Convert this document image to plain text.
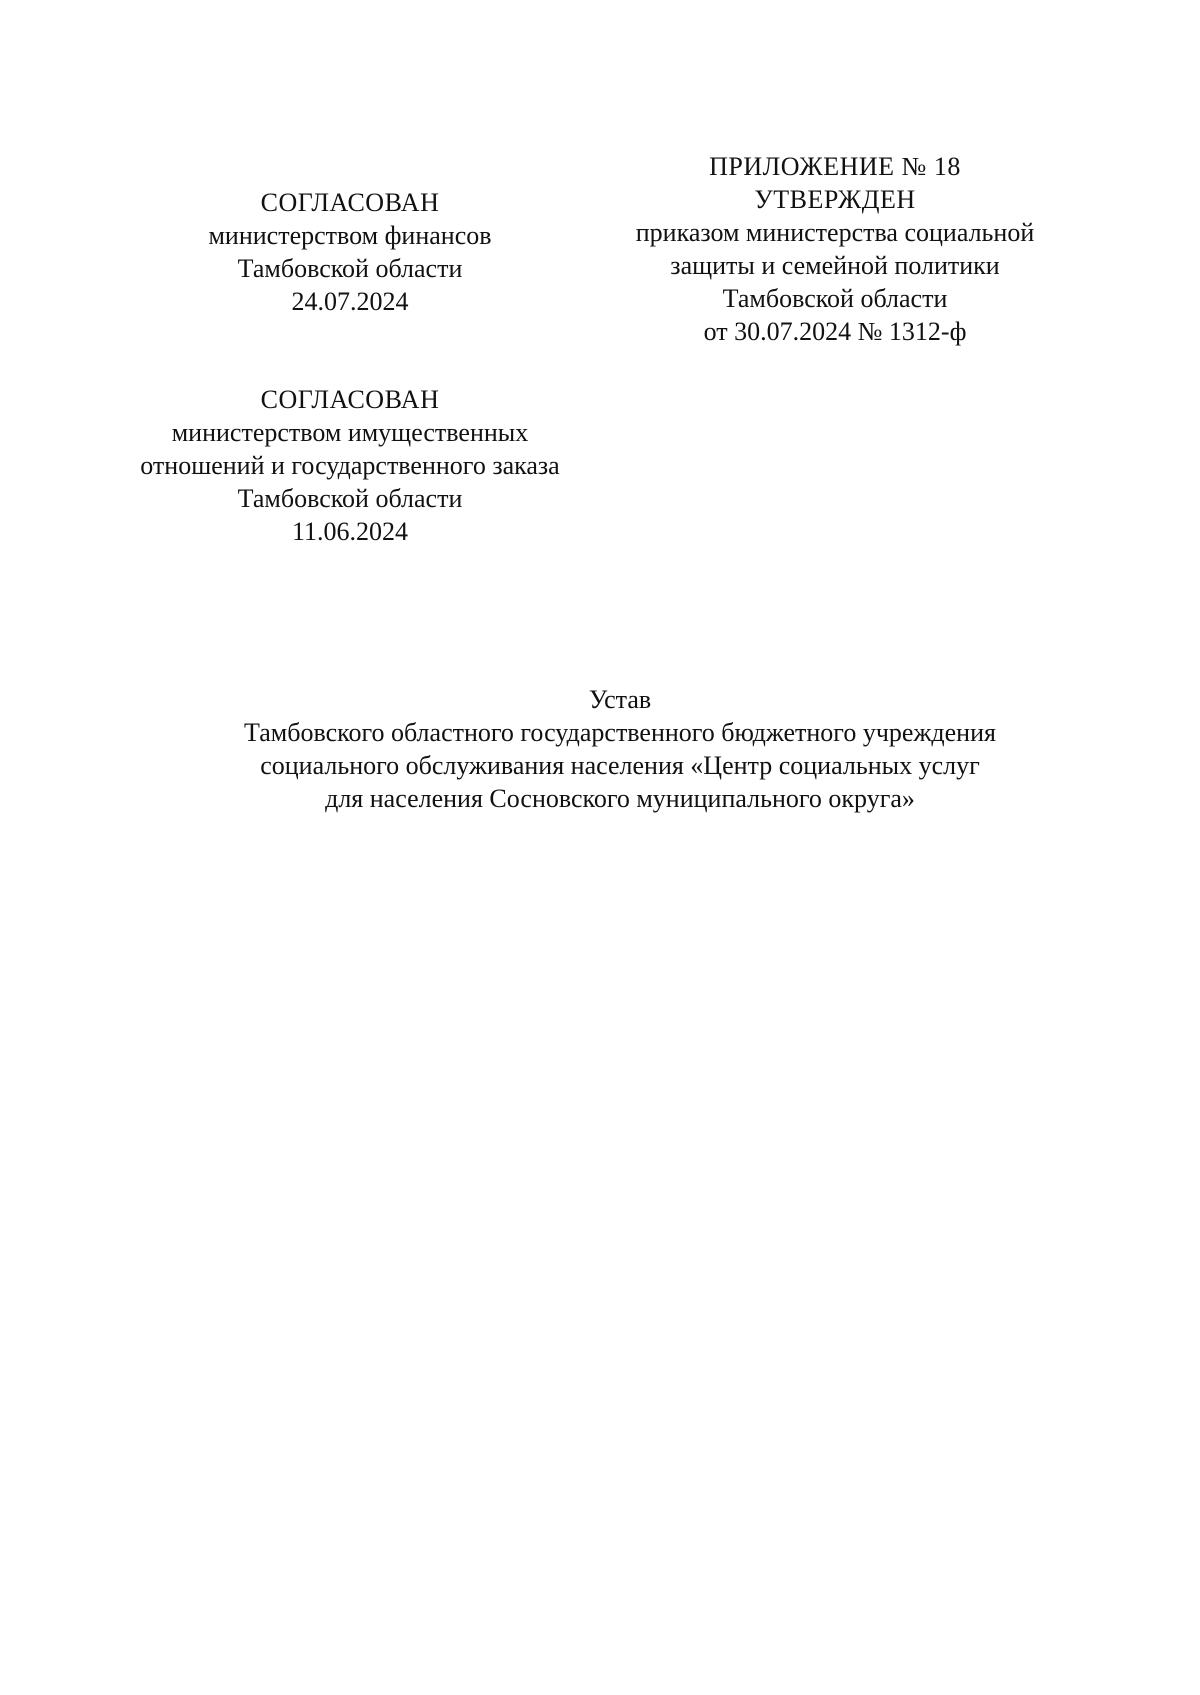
ПРИЛОЖЕНИЕ № 18
УТВЕРЖДЕН
приказом министерства социальной
защиты и семейной политики
Тамбовской области
от 30.07.2024 № 1312-ф
СОГЛАСОВАН
министерством финансов
Тамбовской области
24.07.2024
СОГЛАСОВАН
министерством имущественных
отношений и государственного заказа
Тамбовской области
11.06.2024
Устав
Тамбовского областного государственного бюджетного учреждения
социального обслуживания населения «Центр социальных услуг
для населения Сосновского муниципального округа»
